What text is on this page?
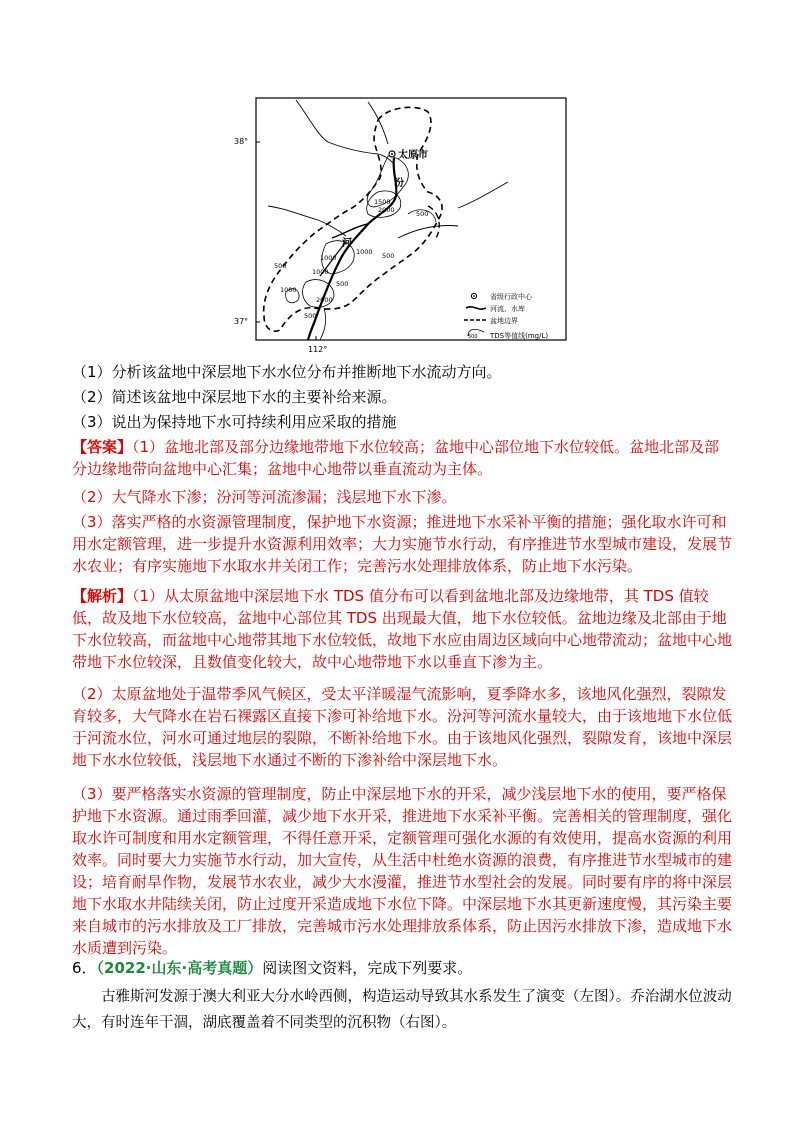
38°
37°
112°
太原市
汾
河
1500
2000	500
1000
1000
500
1000
1000
2000
500
500
500
省级行政中心
河流、水库
盆地边界
500 TDS等值线(mg/L)

（1）分析该盆地中深层地下水水位分布并推断地下水流动方向。

（2）简述该盆地中深层地下水的主要补给来源。

（3）说出为保持地下水可持续利用应采取的措施

【答案】（1）盆地北部及部分边缘地带地下水位较高；盆地中心部位地下水位较低。盆地北部及部分边缘地带向盆地中心汇集；盆地中心地带以垂直流动为主体。

（2）大气降水下渗；汾河等河流渗漏；浅层地下水下渗。

（3）落实严格的水资源管理制度，保护地下水资源；推进地下水采补平衡的措施；强化取水许可和用水定额管理，进一步提升水资源利用效率；大力实施节水行动，有序推进节水型城市建设，发展节水农业；有序实施地下水取水井关闭工作；完善污水处理排放体系，防止地下水污染。

【解析】（1）从太原盆地中深层地下水 TDS 值分布可以看到盆地北部及边缘地带，其 TDS 值较低，故及地下水位较高，盆地中心部位其 TDS 出现最大值，地下水位较低。盆地边缘及北部由于地下水位较高，而盆地中心地带其地下水位较低，故地下水应由周边区域向中心地带流动；盆地中心地带地下水位较深，且数值变化较大，故中心地带地下水以垂直下渗为主。

（2）太原盆地处于温带季风气候区，受太平洋暖湿气流影响，夏季降水多，该地风化强烈，裂隙发育较多，大气降水在岩石裸露区直接下渗可补给地下水。汾河等河流水量较大，由于该地地下水位低于河流水位，河水可通过地层的裂隙，不断补给地下水。由于该地风化强烈，裂隙发育，该地中深层地下水水位较低，浅层地下水通过不断的下渗补给中深层地下水。

（3）要严格落实水资源的管理制度，防止中深层地下水的开采，减少浅层地下水的使用，要严格保护地下水资源。通过雨季回灌，减少地下水开采，推进地下水采补平衡。完善相关的管理制度，强化取水许可制度和用水定额管理，不得任意开采，定额管理可强化水源的有效使用，提高水资源的利用效率。同时要大力实施节水行动，加大宣传，从生活中杜绝水资源的浪费，有序推进节水型城市的建设；培育耐旱作物，发展节水农业，减少大水漫灌，推进节水型社会的发展。同时要有序的将中深层地下水取水井陆续关闭，防止过度开采造成地下水位下降。中深层地下水其更新速度慢，其污染主要来自城市的污水排放及工厂排放，完善城市污水处理排放系体系，防止因污水排放下渗，造成地下水水质遭到污染。

6．（2022·山东·高考真题）阅读图文资料，完成下列要求。

古雅斯河发源于澳大利亚大分水岭西侧，构造运动导致其水系发生了演变（左图）。乔治湖水位波动大，有时连年干涸，湖底覆盖着不同类型的沉积物（右图）。
